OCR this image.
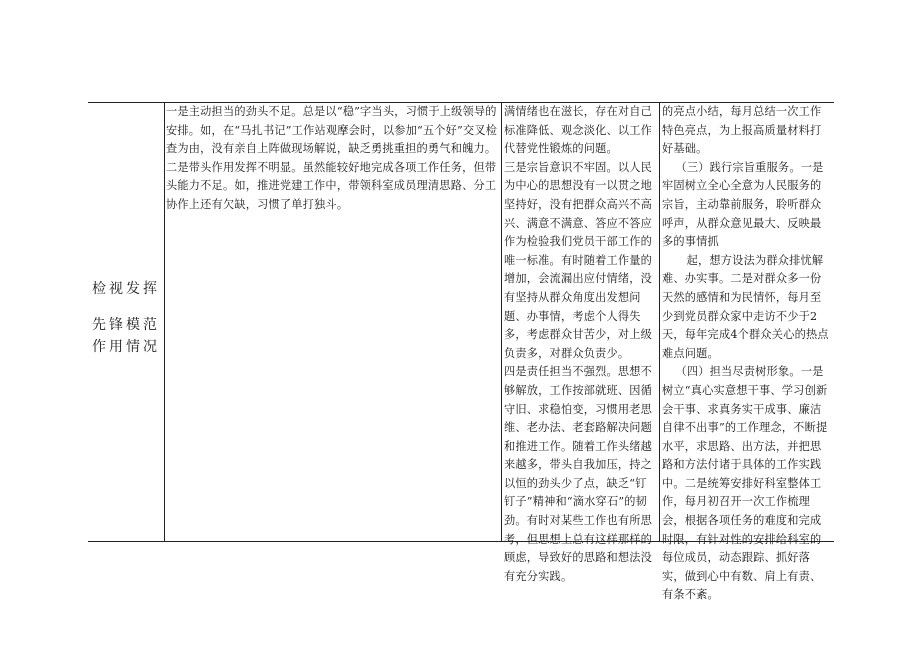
检视发挥
先锋模范
作用情况

一是主动担当的劲头不足。总是以“稳”字当头，习惯于上级领导的安排。如，在“马扎书记”工作站观摩会时，以参加“五个好”交叉检查为由，没有亲自上阵做现场解说，缺乏勇挑重担的勇气和魄力。二是带头作用发挥不明显。虽然能较好地完成各项工作任务，但带头能力不足。如，推进党建工作中，带领科室成员理清思路、分工协作上还有欠缺，习惯了单打独斗。

满情绪也在滋长，存在对自己标准降低、观念淡化、以工作代替党性锻炼的问题。

三是宗旨意识不牢固。以人民为中心的思想没有一以贯之地坚持好，没有把群众高兴不高兴、满意不满意、答应不答应作为检验我们党员干部工作的唯一标准。有时随着工作量的增加，会流漏出应付情绪，没有坚持从群众角度出发想问题、办事情，考虑个人得失多，考虑群众甘苦少，对上级负责多，对群众负责少。

四是责任担当不强烈。思想不够解放，工作按部就班、因循守旧、求稳怕变，习惯用老思维、老办法、老套路解决问题和推进工作。随着工作头绪越来越多，带头自我加压，持之以恒的劲头少了点，缺乏“钉钉子”精神和“滴水穿石”的韧劲。有时对某些工作也有所思考，但思想上总有这样那样的顾虑，导致好的思路和想法没有充分实践。

的亮点小结，每月总结一次工作特色亮点，为上报高质量材料打好基础。

（三）践行宗旨重服务。一是牢固树立全心全意为人民服务的宗旨，主动靠前服务，聆听群众呼声，从群众意见最大、反映最多的事情抓

起，想方设法为群众排忧解难、办实事。二是对群众多一份天然的感情和为民情怀，每月至少到党员群众家中走访不少于2天，每年完成4个群众关心的热点难点问题。

（四）担当尽责树形象。一是树立“真心实意想干事、学习创新会干事、求真务实干成事、廉洁自律不出事”的工作理念，不断提水平，求思路、出方法，并把思路和方法付诸于具体的工作实践中。二是统筹安排好科室整体工作，每月初召开一次工作梳理会，根据各项任务的难度和完成时限，有针对性的安排给科室的每位成员，动态跟踪、抓好落实，做到心中有数、肩上有责、有条不紊。
